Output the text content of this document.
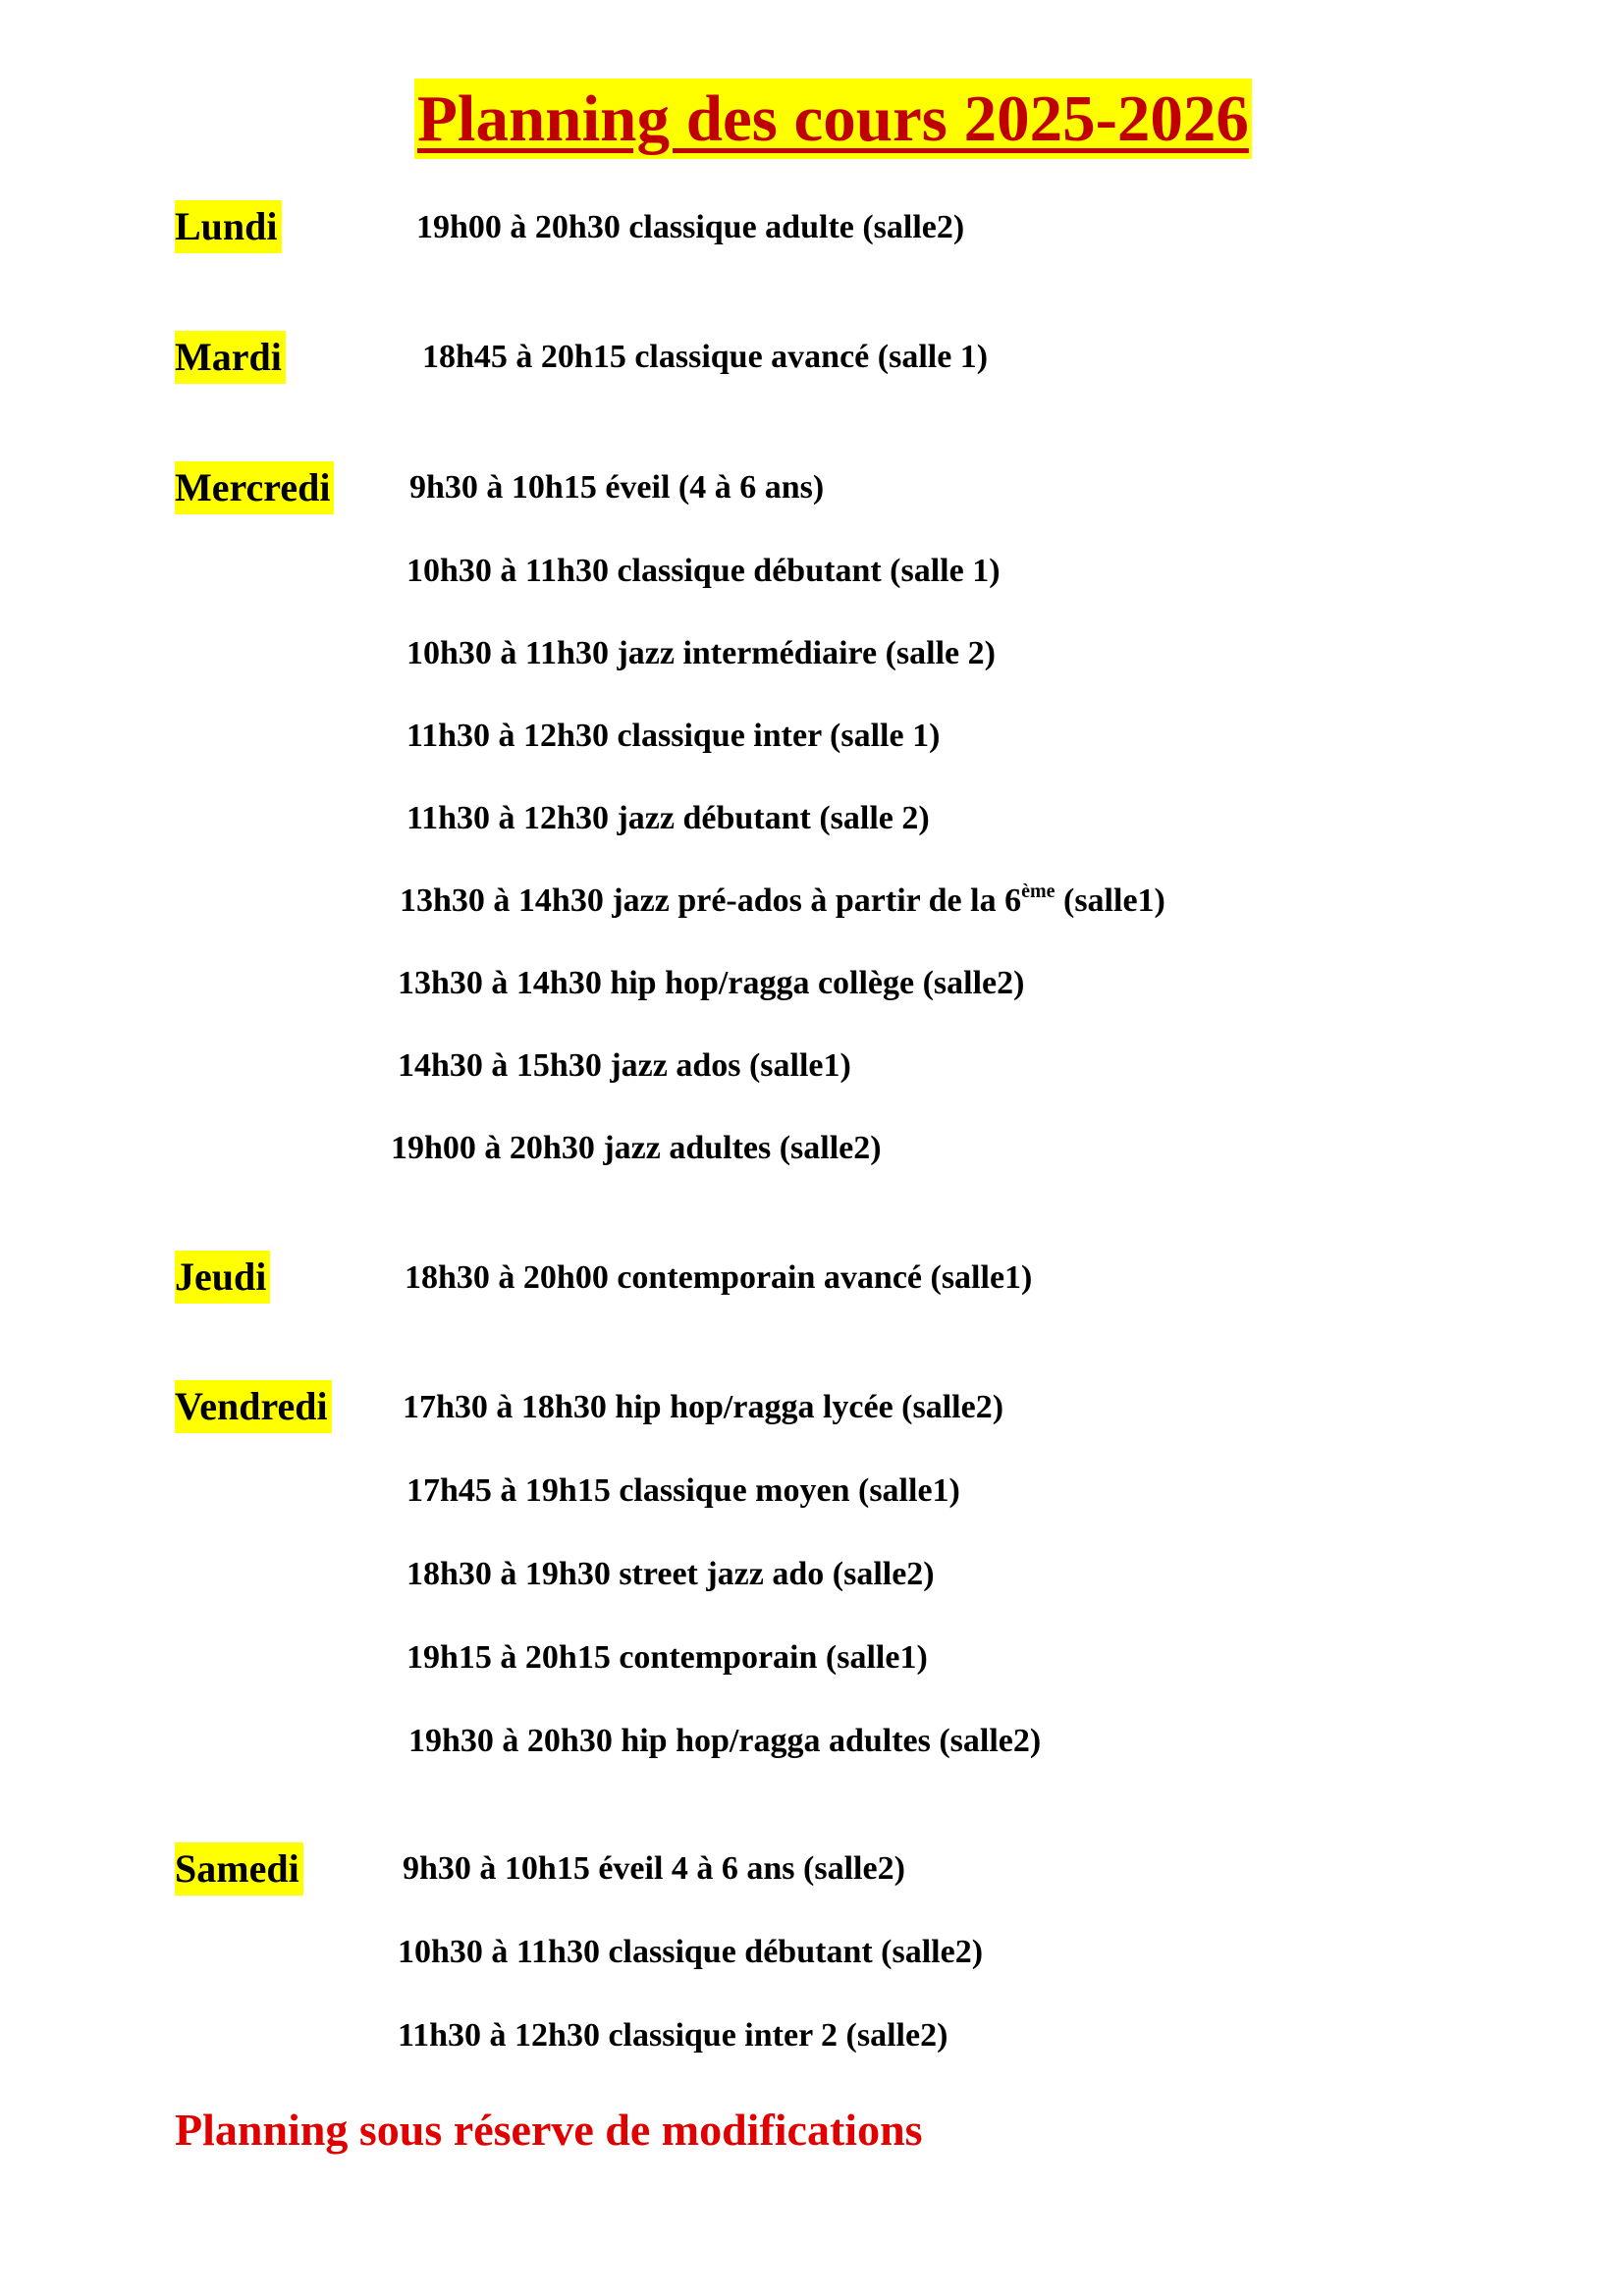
Planning des cours 2025-2026
Lundi	19h00 à 20h30 classique adulte (salle2)
Mardi	18h45 à 20h15 classique avancé (salle 1)
Mercredi 9h30 à 10h15 éveil (4 à 6 ans)
10h30 à 11h30 classique débutant (salle 1)
10h30 à 11h30 jazz intermédiaire (salle 2)
11h30 à 12h30 classique inter (salle 1)
11h30 à 12h30 jazz débutant (salle 2)
13h30 à 14h30 jazz pré-ados à partir de la 6ème (salle1)
13h30 à 14h30 hip hop/ragga collège (salle2)
14h30 à 15h30 jazz ados (salle1)
19h00 à 20h30 jazz adultes (salle2)
Jeudi	18h30 à 20h00 contemporain avancé (salle1)
Vendredi 17h30 à 18h30 hip hop/ragga lycée (salle2)
17h45 à 19h15 classique moyen (salle1)
18h30 à 19h30 street jazz ado (salle2)
19h15 à 20h15 contemporain (salle1)
19h30 à 20h30 hip hop/ragga adultes (salle2)
Samedi	9h30 à 10h15 éveil 4 à 6 ans (salle2)
10h30 à 11h30 classique débutant (salle2)
11h30 à 12h30 classique inter 2 (salle2)
Planning sous réserve de modifications
